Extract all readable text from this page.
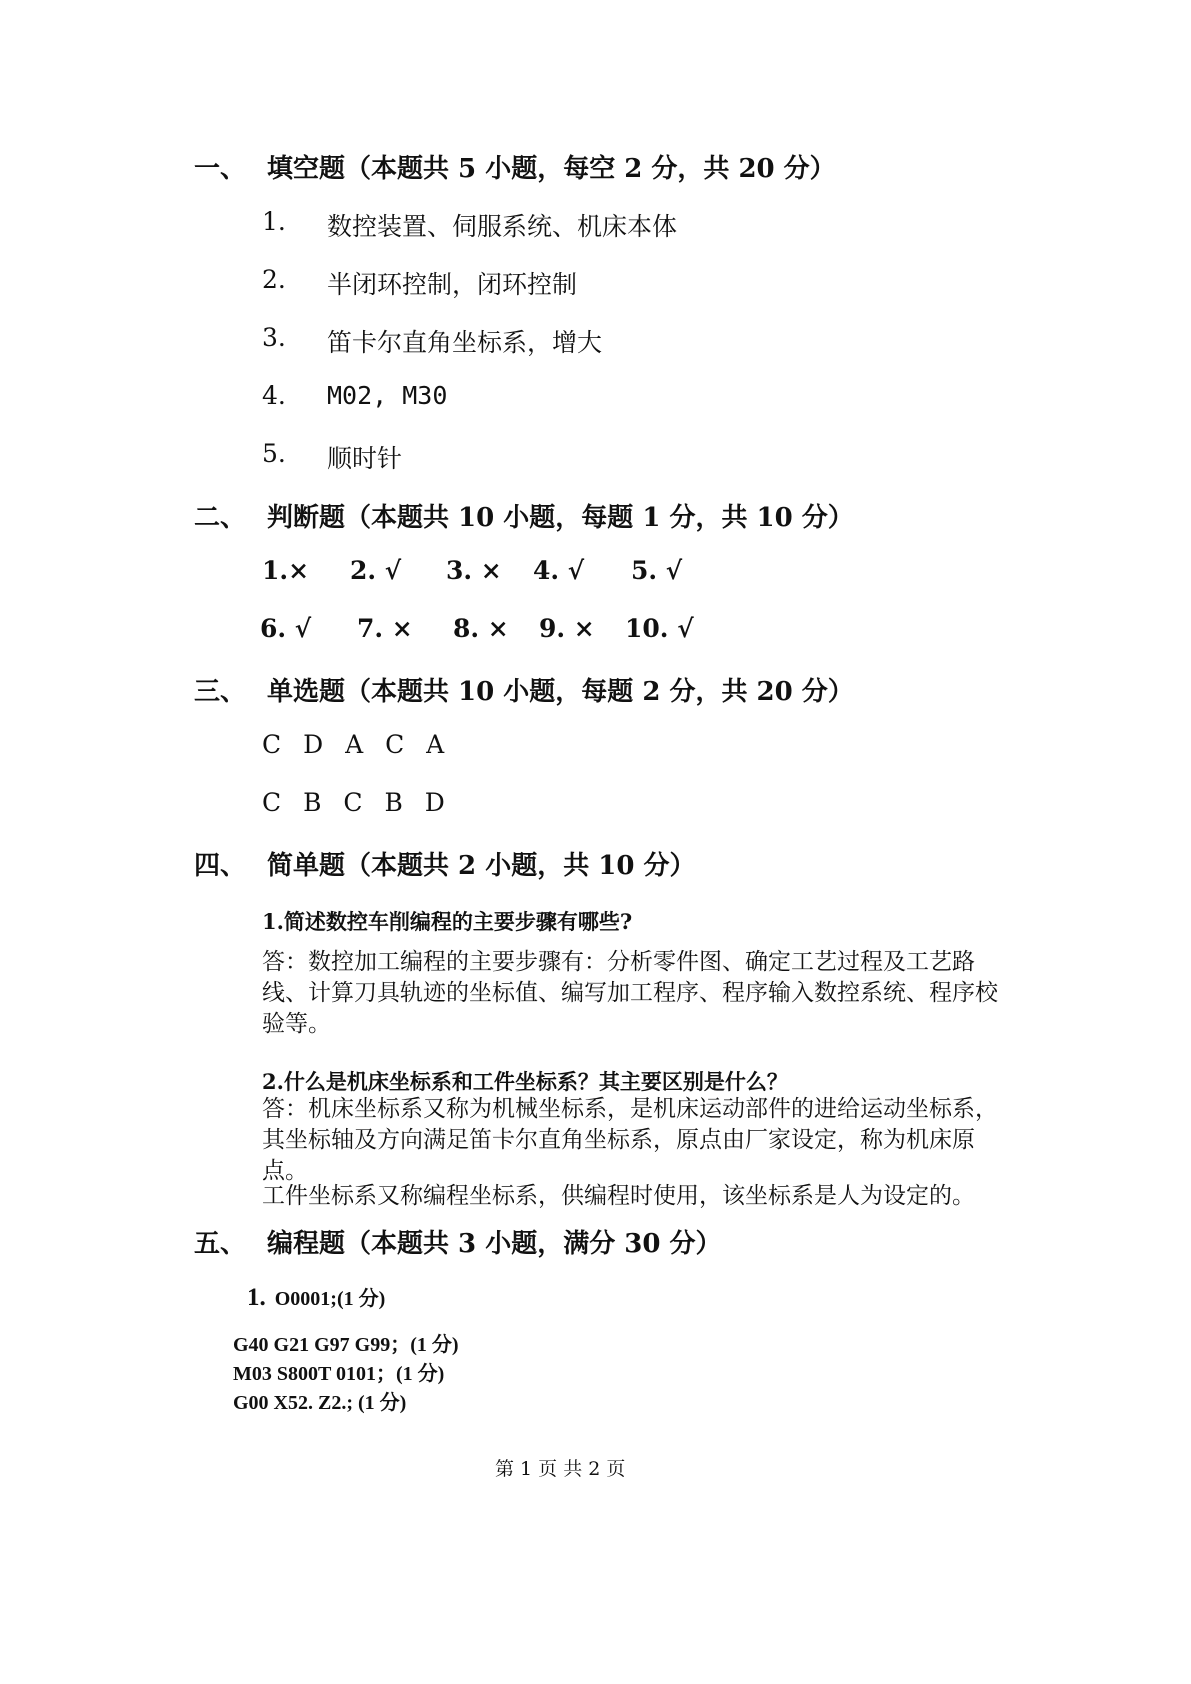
一、 填空题（本题共 5 小题，每空 2 分，共 20 分）
1. 数控装置、伺服系统、机床本体
2. 半闭环控制，闭环控制
3. 笛卡尔直角坐标系，增大
4. M02, M30
5. 顺时针
二、 判断题（本题共 10 小题，每题 1 分，共 10 分）
1.× 2. √ 3. × 4. √ 5. √
6. √ 7. × 8. × 9. × 10. √
三、 单选题（本题共 10 小题，每题 2 分，共 20 分）
C D A C A
C B C B D
四、 简单题（本题共 2 小题，共 10 分）
1.简述数控车削编程的主要步骤有哪些?
答：数控加工编程的主要步骤有：分析零件图、确定工艺过程及工艺路线、计算刀具轨迹的坐标值、编写加工程序、程序输入数控系统、程序校验等。
2.什么是机床坐标系和工件坐标系？其主要区别是什么？
答：机床坐标系又称为机械坐标系，是机床运动部件的进给运动坐标系，其坐标轴及方向满足笛卡尔直角坐标系，原点由厂家设定，称为机床原点。
工件坐标系又称编程坐标系，供编程时使用，该坐标系是人为设定的。
五、 编程题（本题共 3 小题，满分 30 分）
1. O0001;(1 分)
G40 G21 G97 G99；(1 分)
M03 S800T 0101；(1 分)
G00 X52. Z2.; (1 分)
第 1 页 共 2 页
